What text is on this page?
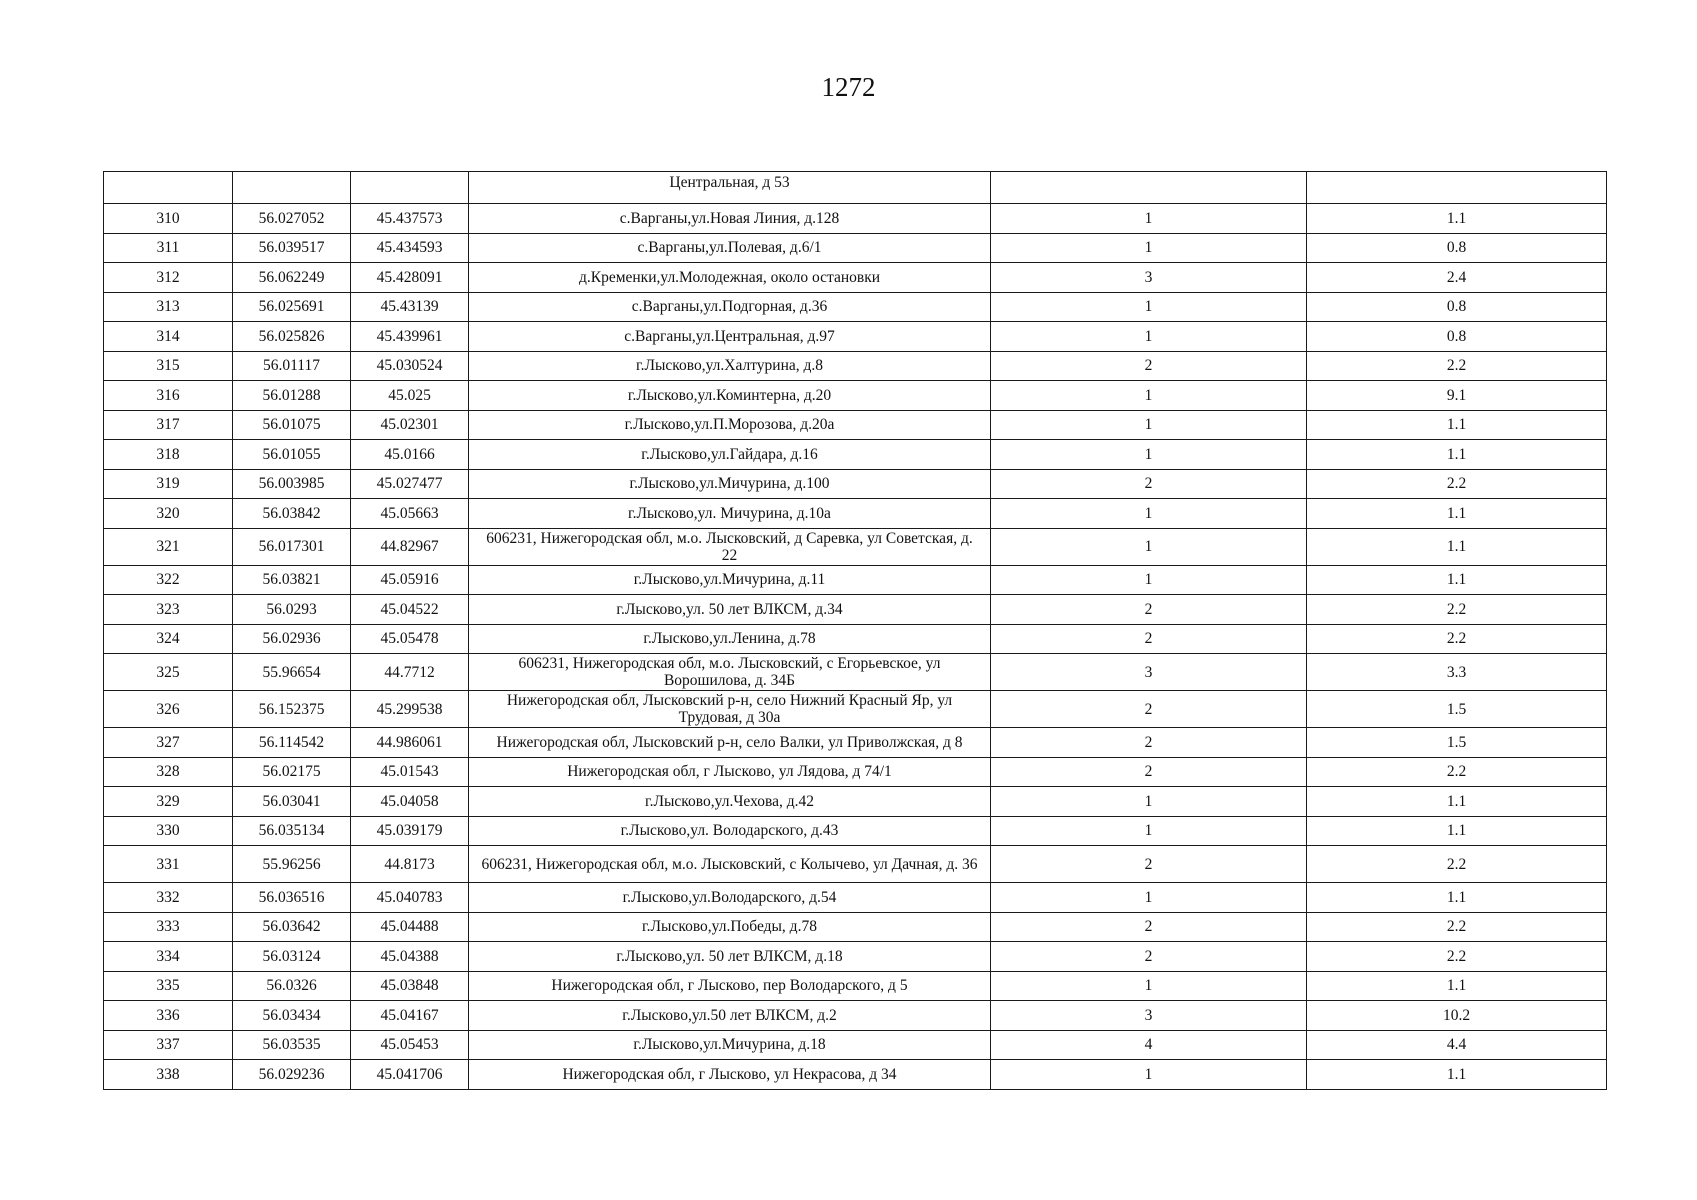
1272
			Центральная, д 53		
310	56.027052	45.437573	с.Варганы,ул.Новая Линия, д.128	1	1.1
311	56.039517	45.434593	с.Варганы,ул.Полевая, д.6/1	1	0.8
312	56.062249	45.428091	д.Кременки,ул.Молодежная, около остановки	3	2.4
313	56.025691	45.43139	с.Варганы,ул.Подгорная, д.36	1	0.8
314	56.025826	45.439961	с.Варганы,ул.Центральная, д.97	1	0.8
315	56.01117	45.030524	г.Лысково,ул.Халтурина, д.8	2	2.2
316	56.01288	45.025	г.Лысково,ул.Коминтерна, д.20	1	9.1
317	56.01075	45.02301	г.Лысково,ул.П.Морозова, д.20а	1	1.1
318	56.01055	45.0166	г.Лысково,ул.Гайдара, д.16	1	1.1
319	56.003985	45.027477	г.Лысково,ул.Мичурина, д.100	2	2.2
320	56.03842	45.05663	г.Лысково,ул. Мичурина, д.10а	1	1.1
321	56.017301	44.82967	606231, Нижегородская обл, м.о. Лысковский, д Саревка, ул Советская, д. 22	1	1.1
322	56.03821	45.05916	г.Лысково,ул.Мичурина, д.11	1	1.1
323	56.0293	45.04522	г.Лысково,ул. 50 лет ВЛКСМ, д.34	2	2.2
324	56.02936	45.05478	г.Лысково,ул.Ленина, д.78	2	2.2
325	55.96654	44.7712	606231, Нижегородская обл, м.о. Лысковский, с Егорьевское, ул Ворошилова, д. 34Б	3	3.3
326	56.152375	45.299538	Нижегородская обл, Лысковский р-н, село Нижний Красный Яр, ул Трудовая, д 30а	2	1.5
327	56.114542	44.986061	Нижегородская обл, Лысковский р-н, село Валки, ул Приволжская, д 8	2	1.5
328	56.02175	45.01543	Нижегородская обл, г Лысково, ул Лядова, д 74/1	2	2.2
329	56.03041	45.04058	г.Лысково,ул.Чехова, д.42	1	1.1
330	56.035134	45.039179	г.Лысково,ул. Володарского, д.43	1	1.1
331	55.96256	44.8173	606231, Нижегородская обл, м.о. Лысковский, с Колычево, ул Дачная, д. 36	2	2.2
332	56.036516	45.040783	г.Лысково,ул.Володарского, д.54	1	1.1
333	56.03642	45.04488	г.Лысково,ул.Победы, д.78	2	2.2
334	56.03124	45.04388	г.Лысково,ул. 50 лет ВЛКСМ, д.18	2	2.2
335	56.0326	45.03848	Нижегородская обл, г Лысково, пер Володарского, д 5	1	1.1
336	56.03434	45.04167	г.Лысково,ул.50 лет ВЛКСМ, д.2	3	10.2
337	56.03535	45.05453	г.Лысково,ул.Мичурина, д.18	4	4.4
338	56.029236	45.041706	Нижегородская обл, г Лысково, ул Некрасова, д 34	1	1.1
